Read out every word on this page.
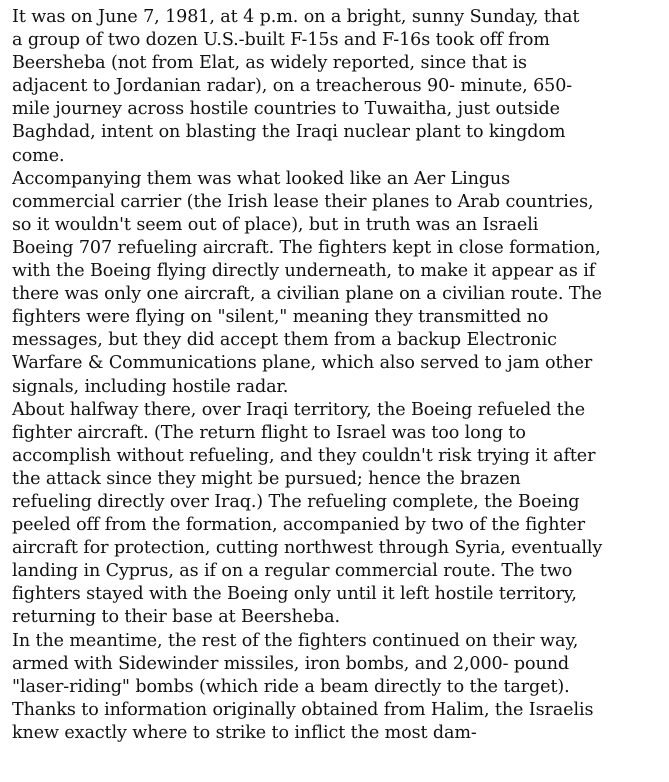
It was on June 7, 1981, at 4 p.m. on a bright, sunny Sunday, that
a group of two dozen U.S.-built F-15s and F-16s took off from
Beersheba (not from Elat, as widely reported, since that is
adjacent to Jordanian radar), on a treacherous 90- minute, 650-
mile journey across hostile countries to Tuwaitha, just outside
Baghdad, intent on blasting the Iraqi nuclear plant to kingdom
come.
Accompanying them was what looked like an Aer Lingus
commercial carrier (the Irish lease their planes to Arab countries,
so it wouldn't seem out of place), but in truth was an Israeli
Boeing 707 refueling aircraft. The fighters kept in close formation,
with the Boeing flying directly underneath, to make it appear as if
there was only one aircraft, a civilian plane on a civilian route. The
fighters were flying on "silent," meaning they transmitted no
messages, but they did accept them from a backup Electronic
Warfare & Communications plane, which also served to jam other
signals, including hostile radar.
About halfway there, over Iraqi territory, the Boeing refueled the
fighter aircraft. (The return flight to Israel was too long to
accomplish without refueling, and they couldn't risk trying it after
the attack since they might be pursued; hence the brazen
refueling directly over Iraq.) The refueling complete, the Boeing
peeled off from the formation, accompanied by two of the fighter
aircraft for protection, cutting northwest through Syria, eventually
landing in Cyprus, as if on a regular commercial route. The two
fighters stayed with the Boeing only until it left hostile territory,
returning to their base at Beersheba.
In the meantime, the rest of the fighters continued on their way,
armed with Sidewinder missiles, iron bombs, and 2,000- pound
"laser-riding" bombs (which ride a beam directly to the target).
Thanks to information originally obtained from Halim, the Israelis
knew exactly where to strike to inflict the most dam-
